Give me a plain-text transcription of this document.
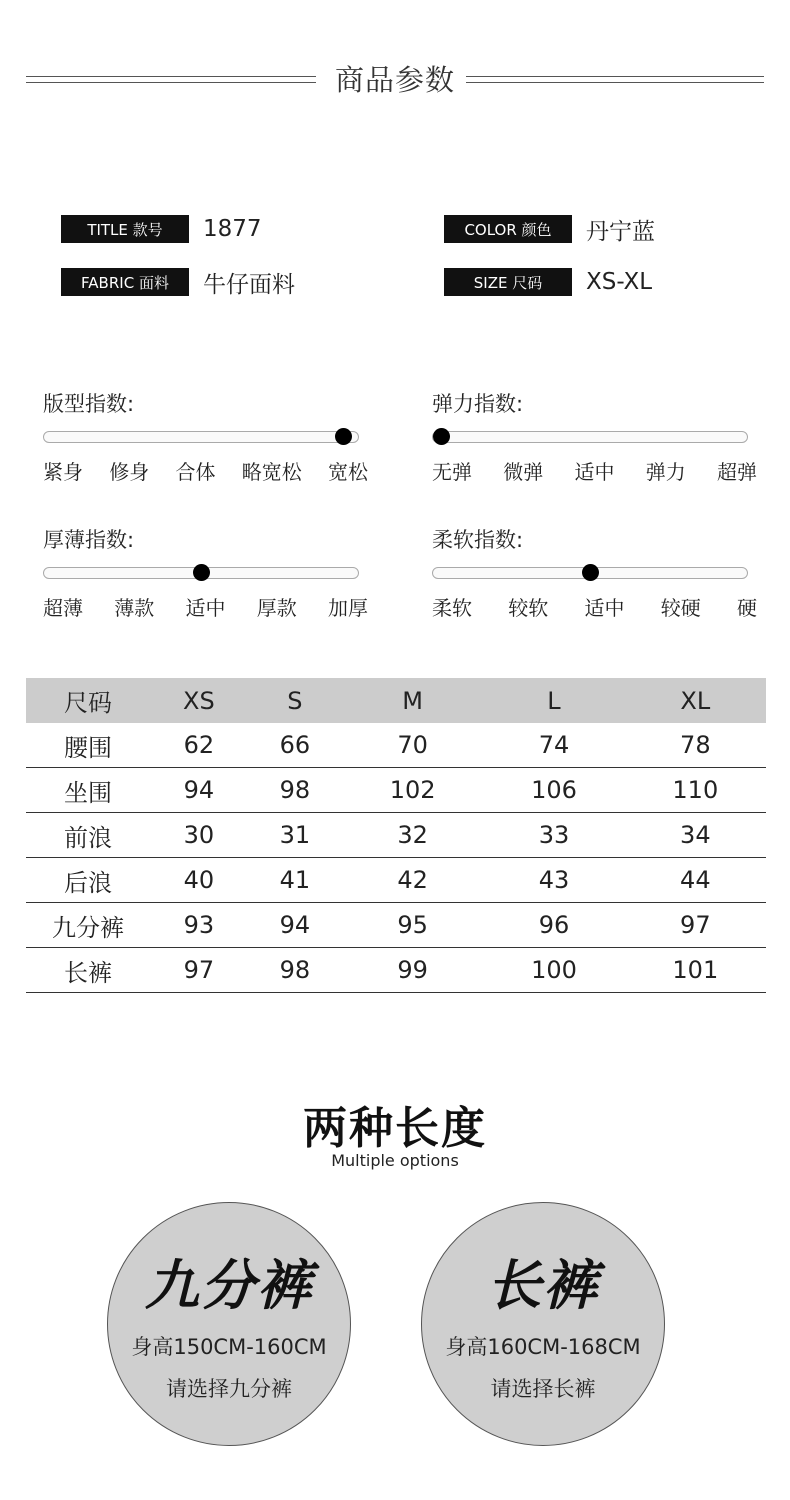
商品参数
TITLE 款号	1877	COLOR 颜色	丹宁蓝
FABRIC 面料	牛仔面料	SIZE 尺码	XS-XL
版型指数:
紧身 修身 合体 略宽松 宽松
弹力指数:
无弹 微弹 适中 弹力 超弹
厚薄指数:
超薄 薄款 适中 厚款 加厚
柔软指数:
柔软 较软 适中 较硬 硬
尺码	XS	S	M	L	XL
腰围	62	66	70	74	78
坐围	94	98	102	106	110
前浪	30	31	32	33	34
后浪	40	41	42	43	44
九分裤	93	94	95	96	97
长裤	97	98	99	100	101
两种长度
Multiple options
九分裤
身高150CM-160CM
请选择九分裤
长裤
身高160CM-168CM
请选择长裤
